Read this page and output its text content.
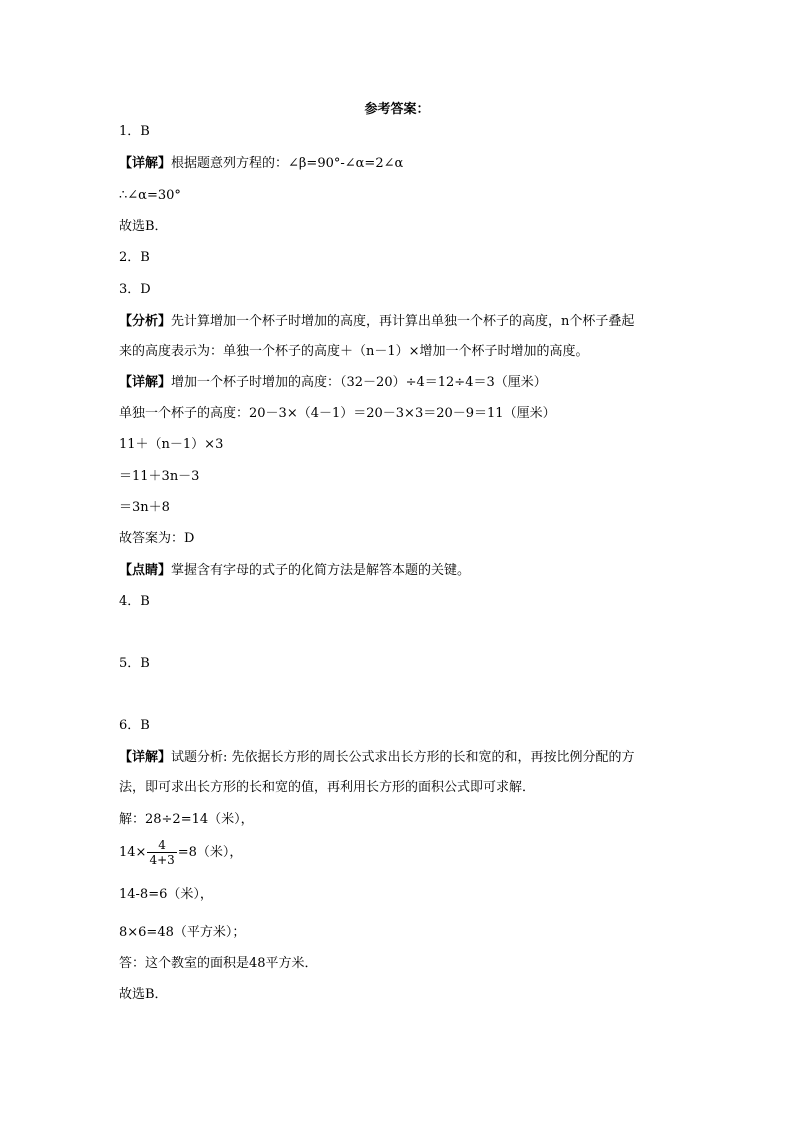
参考答案：
1．B
【详解】根据题意列方程的：∠β=90°-∠α=2∠α
∴∠α=30°
故选B．
2．B
3．D
【分析】先计算增加一个杯子时增加的高度，再计算出单独一个杯子的高度，n个杯子叠起
来的高度表示为：单独一个杯子的高度＋（n－1）×增加一个杯子时增加的高度。
【详解】增加一个杯子时增加的高度：（32－20）÷4＝12÷4＝3（厘米）
单独一个杯子的高度：20－3×（4－1）＝20－3×3＝20－9＝11（厘米）
11＋（n－1）×3
＝11＋3n－3
＝3n＋8
故答案为：D
【点睛】掌握含有字母的式子的化简方法是解答本题的关键。
4．B
5．B
6．B
【详解】试题分析: 先依据长方形的周长公式求出长方形的长和宽的和，再按比例分配的方
法，即可求出长方形的长和宽的值，再利用长方形的面积公式即可求解．
解：28÷2=14（米），
$14\times \frac{4}{4+3} =8$（米），
14-8=6（米），
8×6=48（平方米）；
答：这个教室的面积是48平方米．
故选B．
